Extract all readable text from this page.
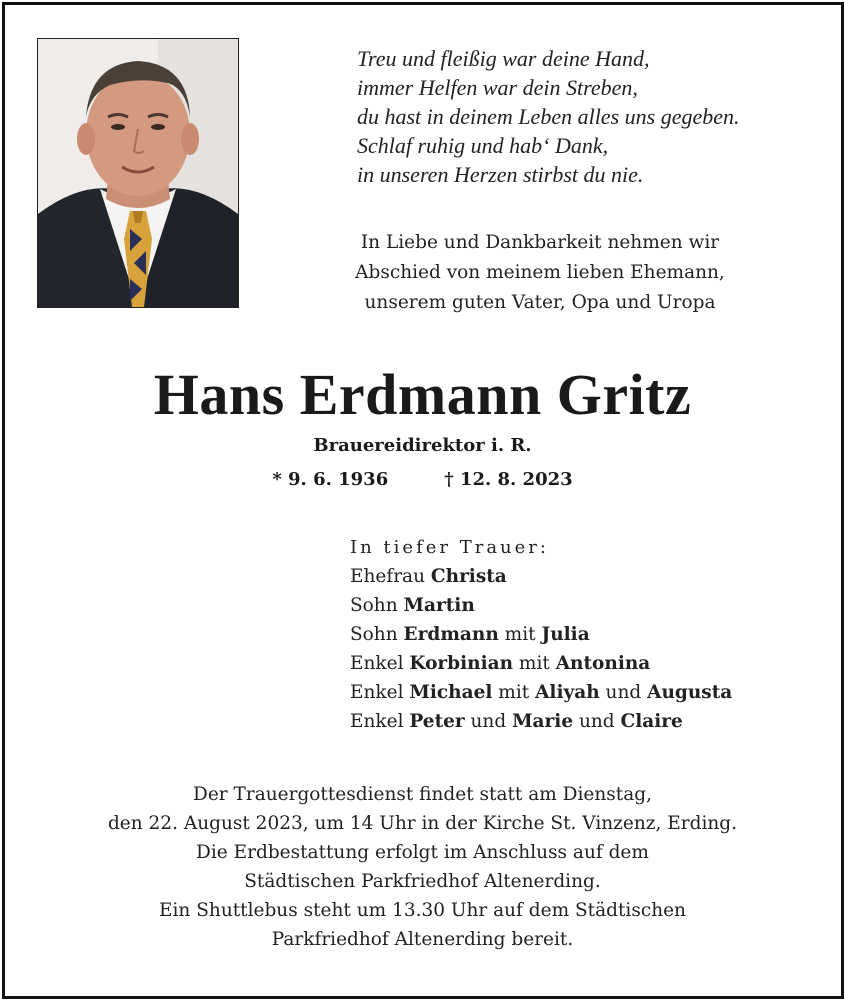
Treu und fleißig war deine Hand,
immer Helfen war dein Streben,
du hast in deinem Leben alles uns gegeben.
Schlaf ruhig und hab‘ Dank,
in unseren Herzen stirbst du nie.
In Liebe und Dankbarkeit nehmen wir
Abschied von meinem lieben Ehemann,
unserem guten Vater, Opa und Uropa
Hans Erdmann Gritz
Brauereidirektor i. R.
* 9. 6. 1936	† 12. 8. 2023
In tiefer Trauer:
Ehefrau Christa
Sohn Martin
Sohn Erdmann mit Julia
Enkel Korbinian mit Antonina
Enkel Michael mit Aliyah und Augusta
Enkel Peter und Marie und Claire
Der Trauergottesdienst findet statt am Dienstag,
den 22. August 2023, um 14 Uhr in der Kirche St. Vinzenz, Erding.
Die Erdbestattung erfolgt im Anschluss auf dem
Städtischen Parkfriedhof Altenerding.
Ein Shuttlebus steht um 13.30 Uhr auf dem Städtischen
Parkfriedhof Altenerding bereit.
